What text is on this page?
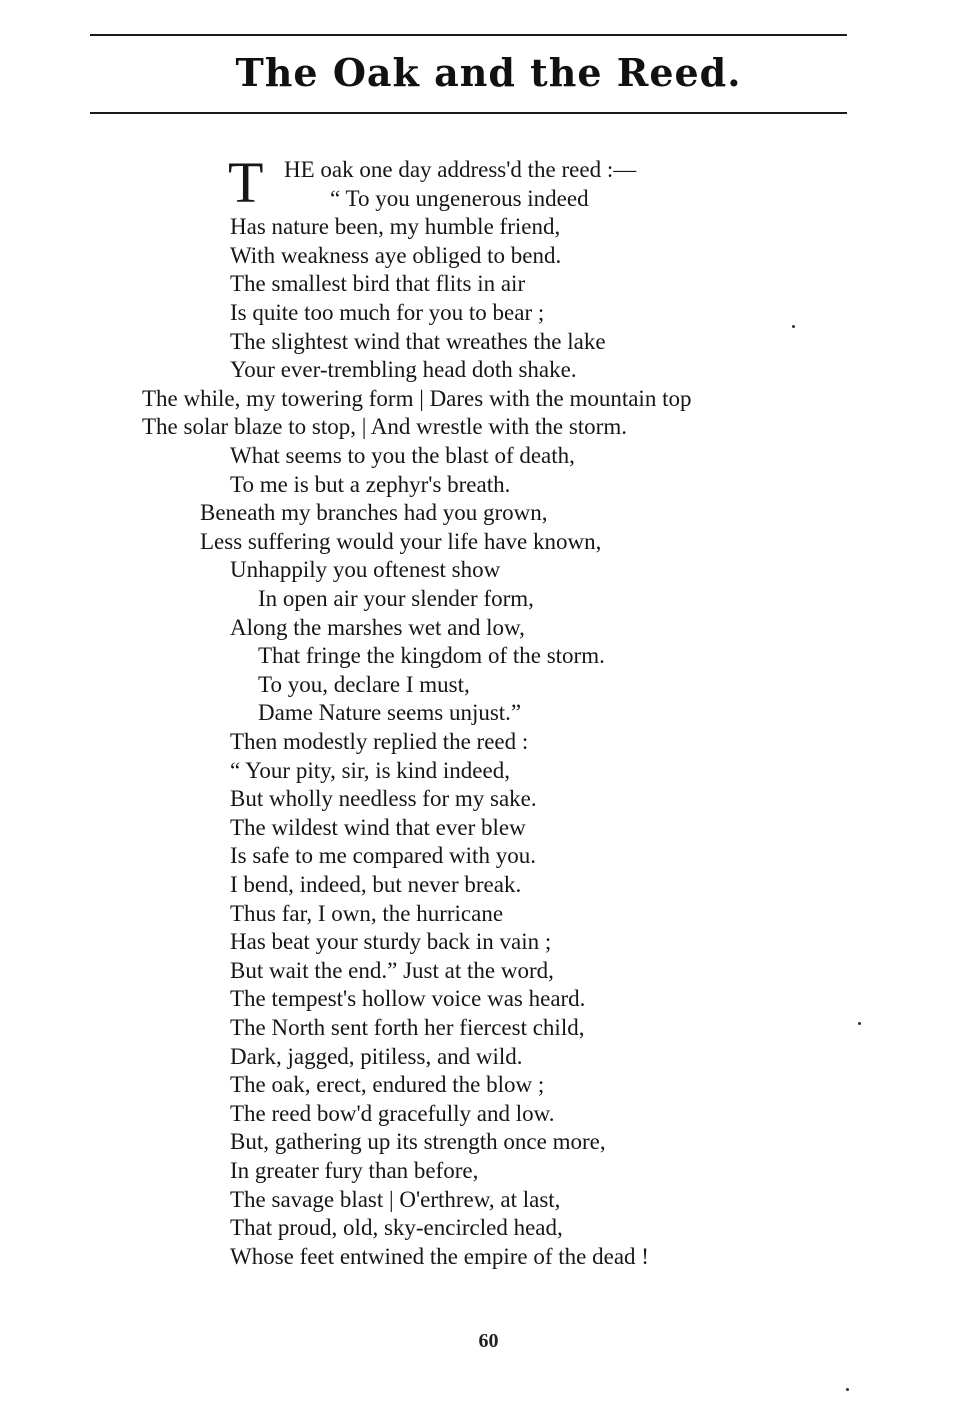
The Oak and the Reed.
T HE oak one day address'd the reed :—
“ To you ungenerous indeed
Has nature been, my humble friend,
With weakness aye obliged to bend.
The smallest bird that flits in air
Is quite too much for you to bear ;
The slightest wind that wreathes the lake
Your ever-trembling head doth shake.
The while, my towering form | Dares with the mountain top
The solar blaze to stop, | And wrestle with the storm.
What seems to you the blast of death,
To me is but a zephyr's breath.
Beneath my branches had you grown,
Less suffering would your life have known,
Unhappily you oftenest show
In open air your slender form,
Along the marshes wet and low,
That fringe the kingdom of the storm.
To you, declare I must,
Dame Nature seems unjust.”
Then modestly replied the reed :
“ Your pity, sir, is kind indeed,
But wholly needless for my sake.
The wildest wind that ever blew
Is safe to me compared with you.
I bend, indeed, but never break.
Thus far, I own, the hurricane
Has beat your sturdy back in vain ;
But wait the end.” Just at the word,
The tempest's hollow voice was heard.
The North sent forth her fiercest child,
Dark, jagged, pitiless, and wild.
The oak, erect, endured the blow ;
The reed bow'd gracefully and low.
But, gathering up its strength once more,
In greater fury than before,
The savage blast | O'erthrew, at last,
That proud, old, sky-encircled head,
Whose feet entwined the empire of the dead !
60
